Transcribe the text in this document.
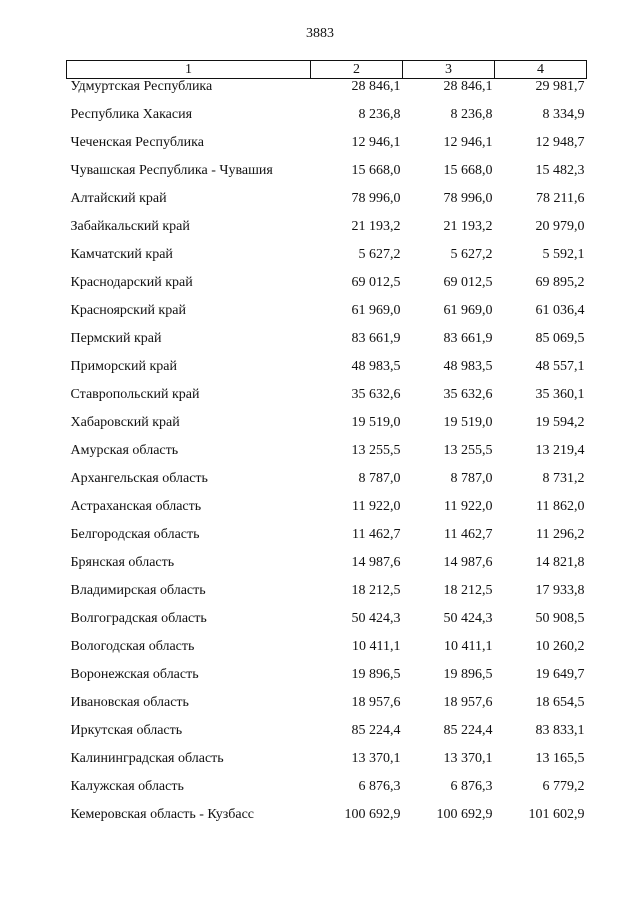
3883
1	2	3	4
Удмуртская Республика	28 846,1	28 846,1	29 981,7
Республика Хакасия	8 236,8	8 236,8	8 334,9
Чеченская Республика	12 946,1	12 946,1	12 948,7
Чувашская Республика - Чувашия	15 668,0	15 668,0	15 482,3
Алтайский край	78 996,0	78 996,0	78 211,6
Забайкальский край	21 193,2	21 193,2	20 979,0
Камчатский край	5 627,2	5 627,2	5 592,1
Краснодарский край	69 012,5	69 012,5	69 895,2
Красноярский край	61 969,0	61 969,0	61 036,4
Пермский край	83 661,9	83 661,9	85 069,5
Приморский край	48 983,5	48 983,5	48 557,1
Ставропольский край	35 632,6	35 632,6	35 360,1
Хабаровский край	19 519,0	19 519,0	19 594,2
Амурская область	13 255,5	13 255,5	13 219,4
Архангельская область	8 787,0	8 787,0	8 731,2
Астраханская область	11 922,0	11 922,0	11 862,0
Белгородская область	11 462,7	11 462,7	11 296,2
Брянская область	14 987,6	14 987,6	14 821,8
Владимирская область	18 212,5	18 212,5	17 933,8
Волгоградская область	50 424,3	50 424,3	50 908,5
Вологодская область	10 411,1	10 411,1	10 260,2
Воронежская область	19 896,5	19 896,5	19 649,7
Ивановская область	18 957,6	18 957,6	18 654,5
Иркутская область	85 224,4	85 224,4	83 833,1
Калининградская область	13 370,1	13 370,1	13 165,5
Калужская область	6 876,3	6 876,3	6 779,2
Кемеровская область - Кузбасс	100 692,9	100 692,9	101 602,9
